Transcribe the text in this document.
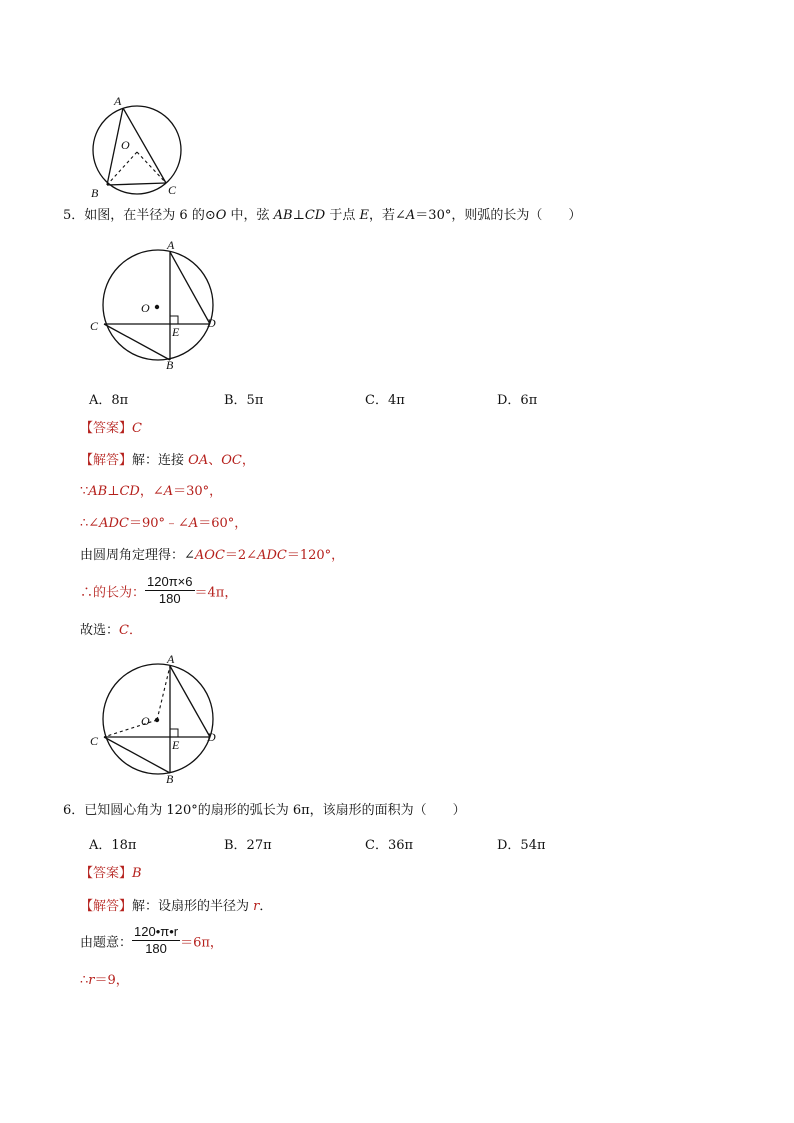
A
O
B	C
5．如图，在半径为 6 的⊙O 中，弦 AB⊥CD 于点 E，若∠A＝30°，则弧的长为（　　）
A
O
C	D
E
B
A．8π	B．5π	C．4π	D．6π
【答案】C
【解答】解：连接 OA、OC，
∵AB⊥CD，∠A＝30°，
∴∠ADC＝90°﹣∠A＝60°，
由圆周角定理得：∠AOC＝2∠ADC＝120°，
∴的长为： $\frac{120\pi\times 6}{180} =4\pi$，
故选：C．
A
O
C	D
E
B
6．已知圆心角为 120°的扇形的弧长为 6π，该扇形的面积为（　　）
A．18π	B．27π	C．36π	D．54π
【答案】B
【解答】解：设扇形的半径为 r．
由题意： $\frac{120•\pi•r}{180} =6\pi$，
∴r＝9，
